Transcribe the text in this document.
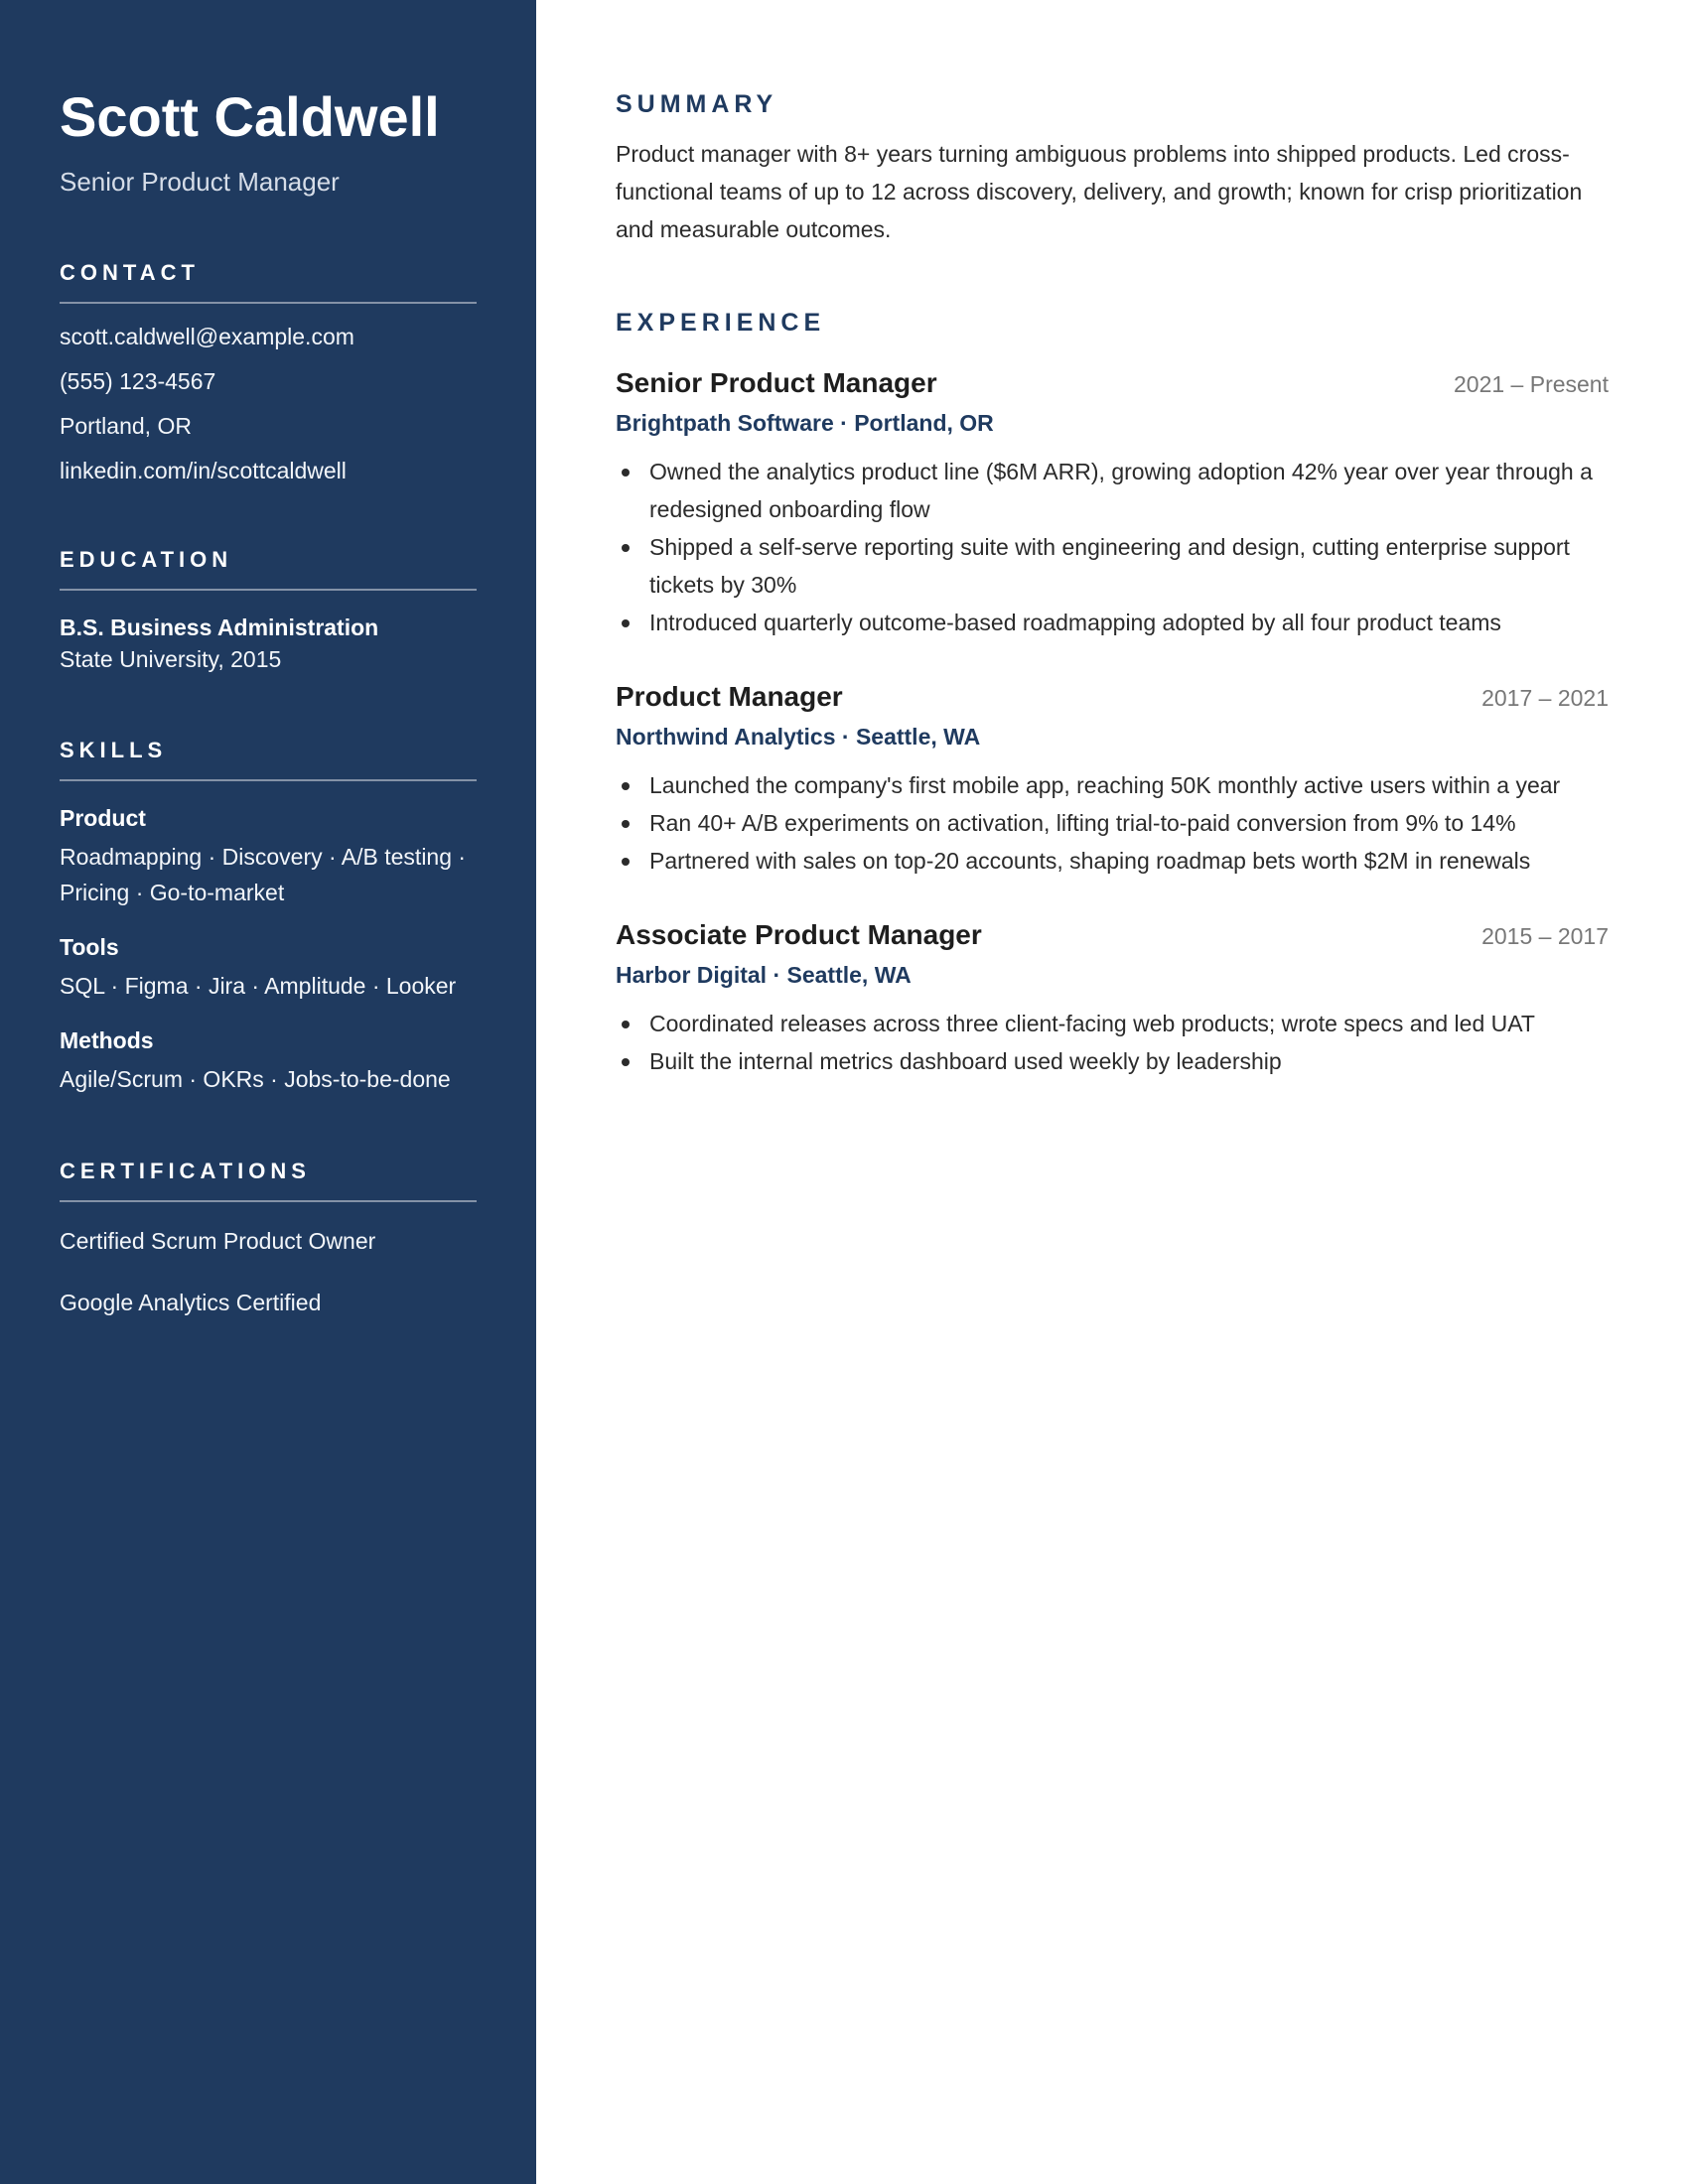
Scott Caldwell
Senior Product Manager
CONTACT
scott.caldwell@example.com
(555) 123-4567
Portland, OR
linkedin.com/in/scottcaldwell
EDUCATION
B.S. Business Administration
State University, 2015
SKILLS
Product
Roadmapping · Discovery · A/B testing · Pricing · Go-to-market
Tools
SQL · Figma · Jira · Amplitude · Looker
Methods
Agile/Scrum · OKRs · Jobs-to-be-done
CERTIFICATIONS
Certified Scrum Product Owner
Google Analytics Certified
SUMMARY

Product manager with 8+ years turning ambiguous problems into shipped products. Led cross-functional teams of up to 12 across discovery, delivery, and growth; known for crisp prioritization and measurable outcomes.

EXPERIENCE
Senior Product Manager	2021 – Present
Brightpath Software · Portland, OR
Owned the analytics product line ($6M ARR), growing adoption 42% year over year through a redesigned onboarding flow
Shipped a self-serve reporting suite with engineering and design, cutting enterprise support tickets by 30%
Introduced quarterly outcome-based roadmapping adopted by all four product teams
Product Manager	2017 – 2021
Northwind Analytics · Seattle, WA
Launched the company's first mobile app, reaching 50K monthly active users within a year
Ran 40+ A/B experiments on activation, lifting trial-to-paid conversion from 9% to 14%
Partnered with sales on top-20 accounts, shaping roadmap bets worth $2M in renewals
Associate Product Manager	2015 – 2017
Harbor Digital · Seattle, WA
Coordinated releases across three client-facing web products; wrote specs and led UAT
Built the internal metrics dashboard used weekly by leadership
